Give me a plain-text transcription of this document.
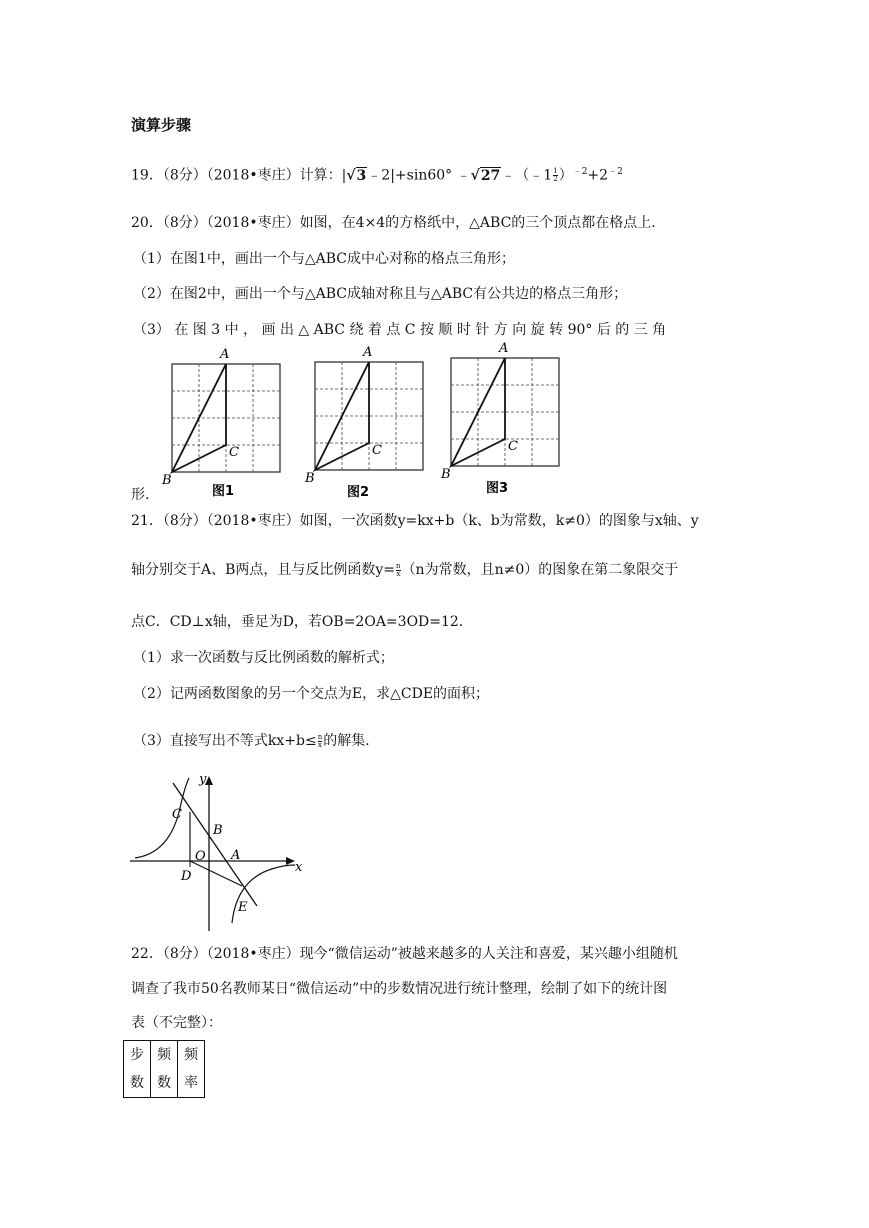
演算步骤
19．（8分）（2018•枣庄）计算：|√3﹣2|+sin60° ﹣√27﹣（﹣1 $\frac{1}{2} )^{﹣2}+2^{﹣2}$
20．（8分）（2018•枣庄）如图，在4×4的方格纸中，△ABC的三个顶点都在格点上．
（1）在图1中，画出一个与△ABC成中心对称的格点三角形；
（2）在图2中，画出一个与△ABC成轴对称且与△ABC有公共边的格点三角形；
（3） 在 图 3 中 ， 画 出 △ ABC 绕 着 点 C 按 顺 时 针 方 向 旋 转 90° 后 的 三 角
A
B
C
图1
A
B
C
图2
A
B
C
图3
形．
21．（8分）（2018•枣庄）如图，一次函数y=kx+b（k、b为常数，k≠0）的图象与x轴、y
轴分别交于A、B两点，且与反比例函数$y= \frac{n}{x} (n$为常数，且n≠0）的图象在第二象限交于
点C．CD⊥x轴，垂足为D，若OB=2OA=3OD=12．
（1）求一次函数与反比例函数的解析式；
（2）记两函数图象的另一个交点为E，求△CDE的面积；
（3）直接写出不等式$kx+b\le \frac{n}{x}$ 的解集．
y
x
C
B
O A
D
E
22．（8分）（2018•枣庄）现今“微信运动”被越来越多的人关注和喜爱，某兴趣小组随机
调查了我市50名教师某日“微信运动”中的步数情况进行统计整理，绘制了如下的统计图
表（不完整）：
步
数

频
数

频
率
